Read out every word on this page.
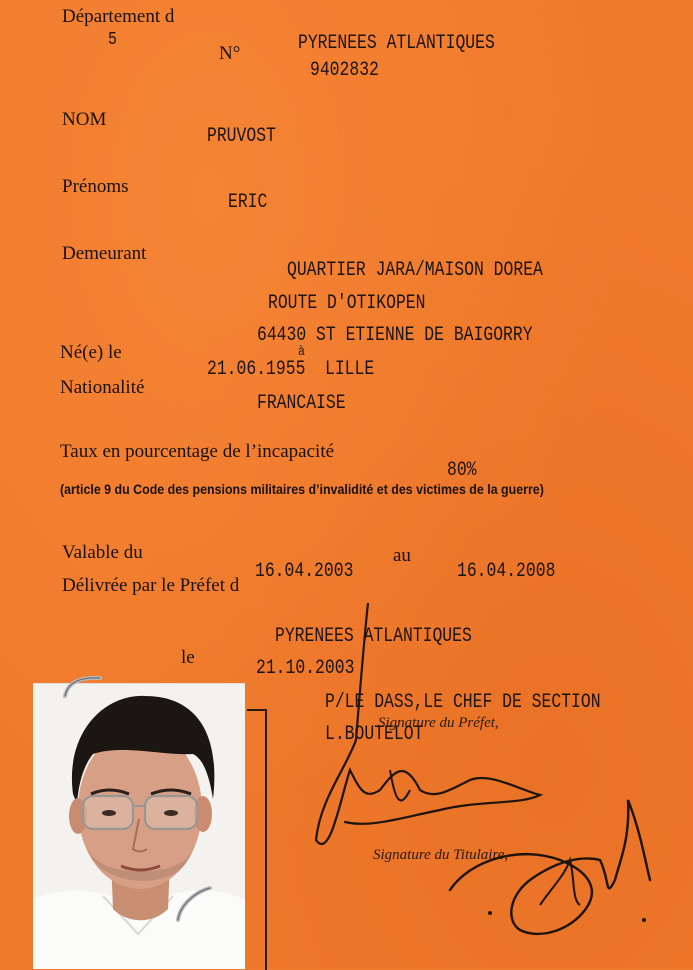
Département d
5
N°	PYRENEES ATLANTIQUES
9402832
NOM
PRUVOST
Prénoms
ERIC
Demeurant
QUARTIER JARA/MAISON DOREA
ROUTE D'OTIKOPEN
64430 ST ETIENNE DE BAIGORRY
Né(e) le
21.06.1955
à
LILLE
Nationalité
FRANCAISE
Taux en pourcentage de l’incapacité
80%
(article 9 du Code des pensions militaires d’invalidité et des victimes de la guerre)
Valable du
16.04.2003
au
16.04.2008
Délivrée par le Préfet d
PYRENEES ATLANTIQUES
le	21.10.2003
P/LE DASS,LE CHEF DE SECTION
Signature du Préfet,
L.BOUTELOT
Signature du Titulaire,
